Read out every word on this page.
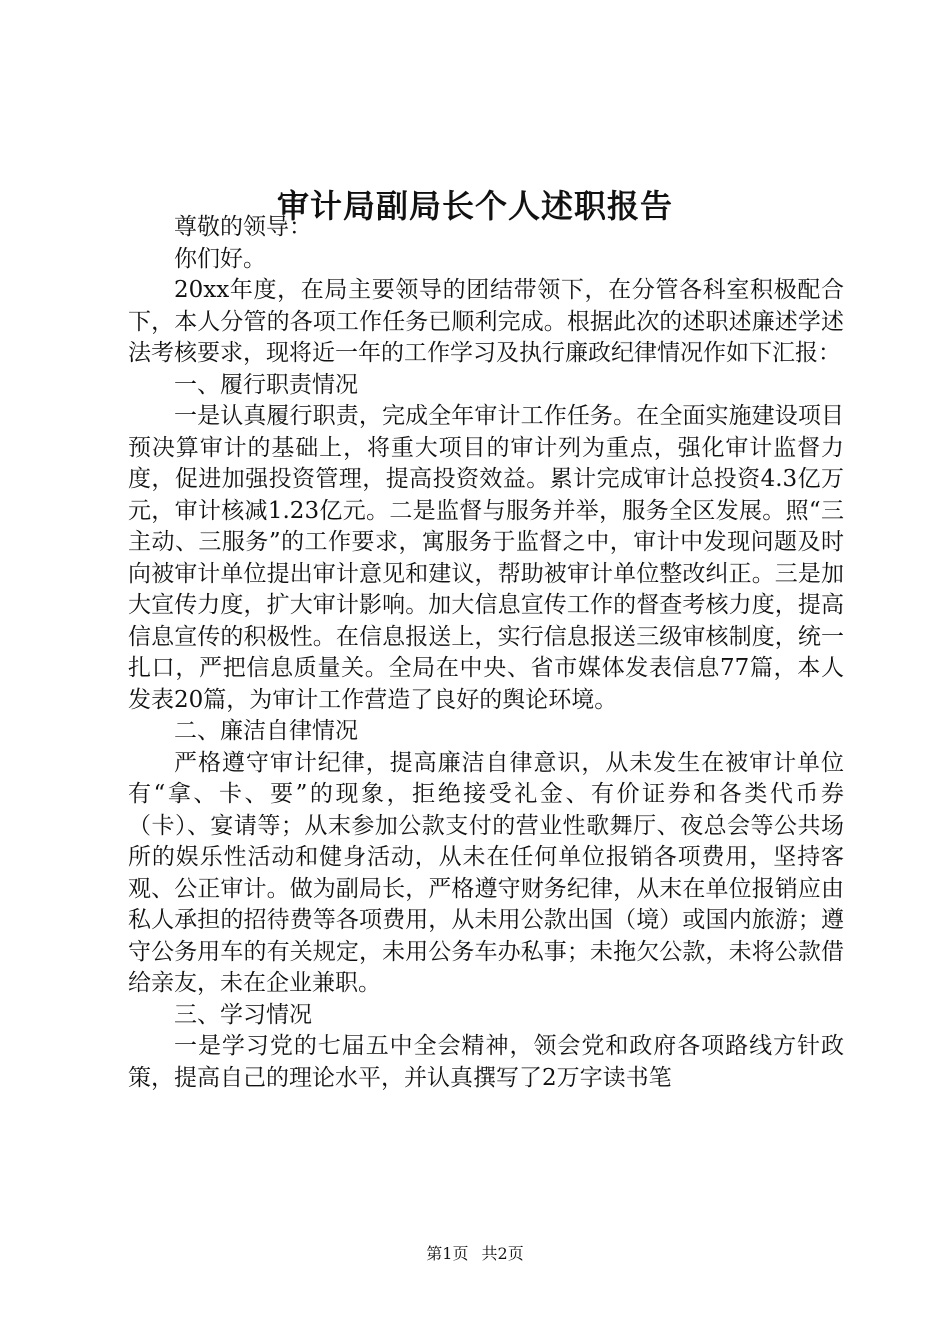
审计局副局长个人述职报告

尊敬的领导：

你们好。

20xx年度，在局主要领导的团结带领下，在分管各科室积极配合下，本人分管的各项工作任务已顺利完成。根据此次的述职述廉述学述法考核要求，现将近一年的工作学习及执行廉政纪律情况作如下汇报：

一、履行职责情况

一是认真履行职责，完成全年审计工作任务。在全面实施建设项目预决算审计的基础上，将重大项目的审计列为重点，强化审计监督力度，促进加强投资管理，提高投资效益。累计完成审计总投资4.3亿万元，审计核减1.23亿元。二是监督与服务并举，服务全区发展。照“三主动、三服务”的工作要求，寓服务于监督之中，审计中发现问题及时向被审计单位提出审计意见和建议，帮助被审计单位整改纠正。三是加大宣传力度，扩大审计影响。加大信息宣传工作的督查考核力度，提高信息宣传的积极性。在信息报送上，实行信息报送三级审核制度，统一扎口，严把信息质量关。全局在中央、省市媒体发表信息77篇，本人发表20篇，为审计工作营造了良好的舆论环境。

二、廉洁自律情况

严格遵守审计纪律，提高廉洁自律意识，从未发生在被审计单位有“拿、卡、要”的现象，拒绝接受礼金、有价证券和各类代币券（卡）、宴请等；从末参加公款支付的营业性歌舞厅、夜总会等公共场所的娱乐性活动和健身活动，从未在任何单位报销各项费用，坚持客观、公正审计。做为副局长，严格遵守财务纪律，从末在单位报销应由私人承担的招待费等各项费用，从未用公款出国（境）或国内旅游；遵守公务用车的有关规定，未用公务车办私事；未拖欠公款，未将公款借给亲友，未在企业兼职。

三、学习情况

一是学习党的七届五中全会精神，领会党和政府各项路线方针政策，提高自己的理论水平，并认真撰写了2万字读书笔

第1页 共2页
